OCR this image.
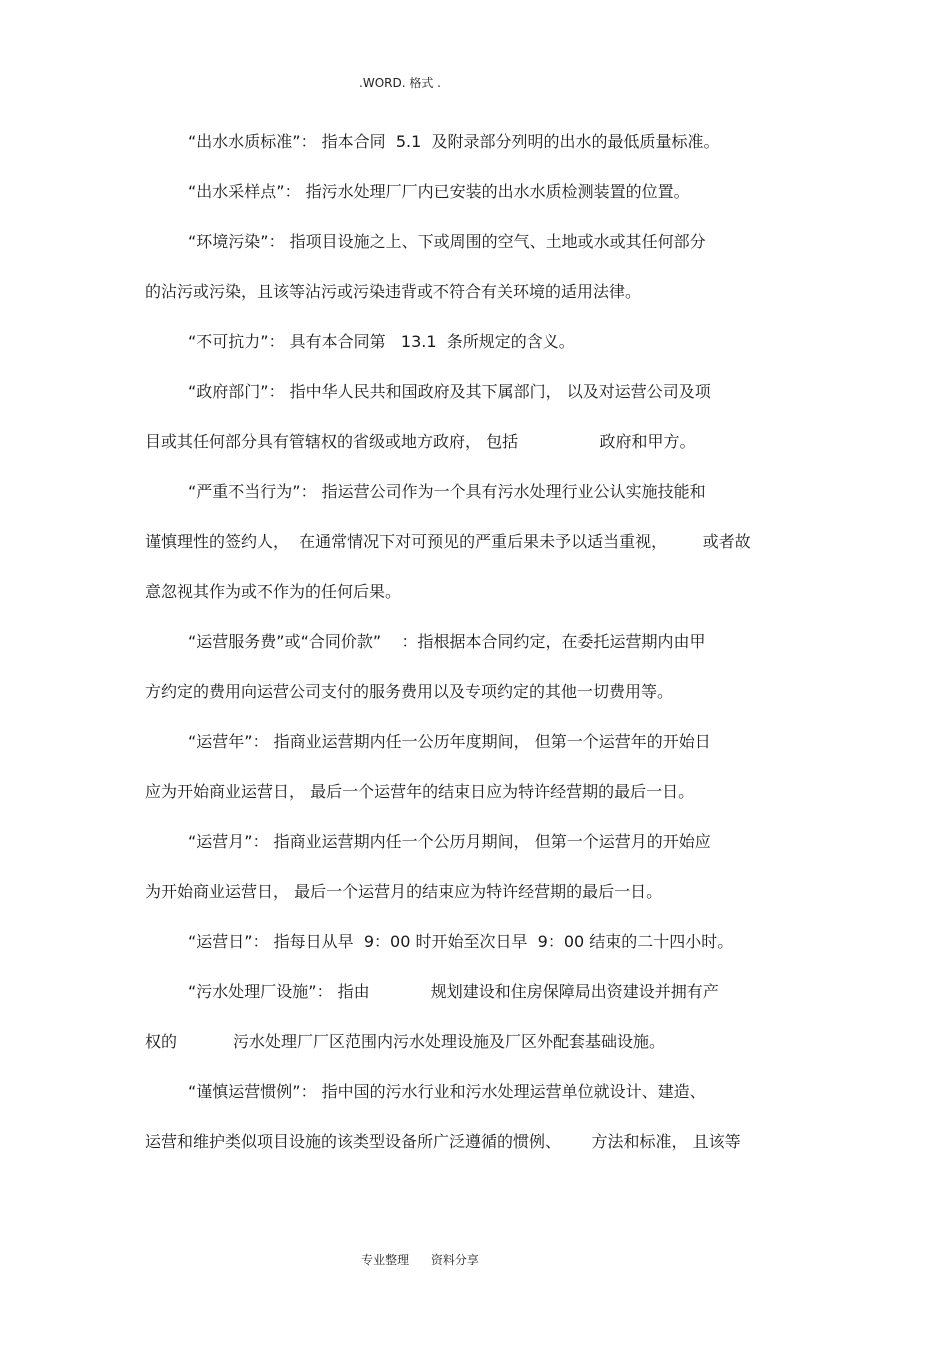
.WORD. 格式 .
“出水水质标准”： 指本合同  5.1  及附录部分列明的出水的最低质量标准。
“出水采样点”： 指污水处理厂厂内已安装的出水水质检测装置的位置。
“环境污染”： 指项目设施之上、下或周围的空气、土地或水或其任何部分
的沾污或污染，且该等沾污或污染违背或不符合有关环境的适用法律。
“不可抗力”： 具有本合同第   13.1  条所规定的含义。
“政府部门”： 指中华人民共和国政府及其下属部门， 以及对运营公司及项
目或其任何部分具有管辖权的省级或地方政府， 包括                政府和甲方。
“严重不当行为”： 指运营公司作为一个具有污水处理行业公认实施技能和
谨慎理性的签约人，  在通常情况下对可预见的严重后果未予以适当重视，       或者故
意忽视其作为或不作为的任何后果。
“运营服务费”或“合同价款”    ：指根据本合同约定，在委托运营期内由甲
方约定的费用向运营公司支付的服务费用以及专项约定的其他一切费用等。
“运营年”： 指商业运营期内任一公历年度期间， 但第一个运营年的开始日
应为开始商业运营日， 最后一个运营年的结束日应为特许经营期的最后一日。
“运营月”： 指商业运营期内任一个公历月期间， 但第一个运营月的开始应
为开始商业运营日， 最后一个运营月的结束应为特许经营期的最后一日。
“运营日”： 指每日从早  9：00 时开始至次日早  9：00 结束的二十四小时。
“污水处理厂设施”： 指由            规划建设和住房保障局出资建设并拥有产
权的           污水处理厂厂区范围内污水处理设施及厂区外配套基础设施。
“谨慎运营惯例”： 指中国的污水行业和污水处理运营单位就设计、建造、
运营和维护类似项目设施的该类型设备所广泛遵循的惯例、      方法和标准， 且该等
专业整理 资料分享
